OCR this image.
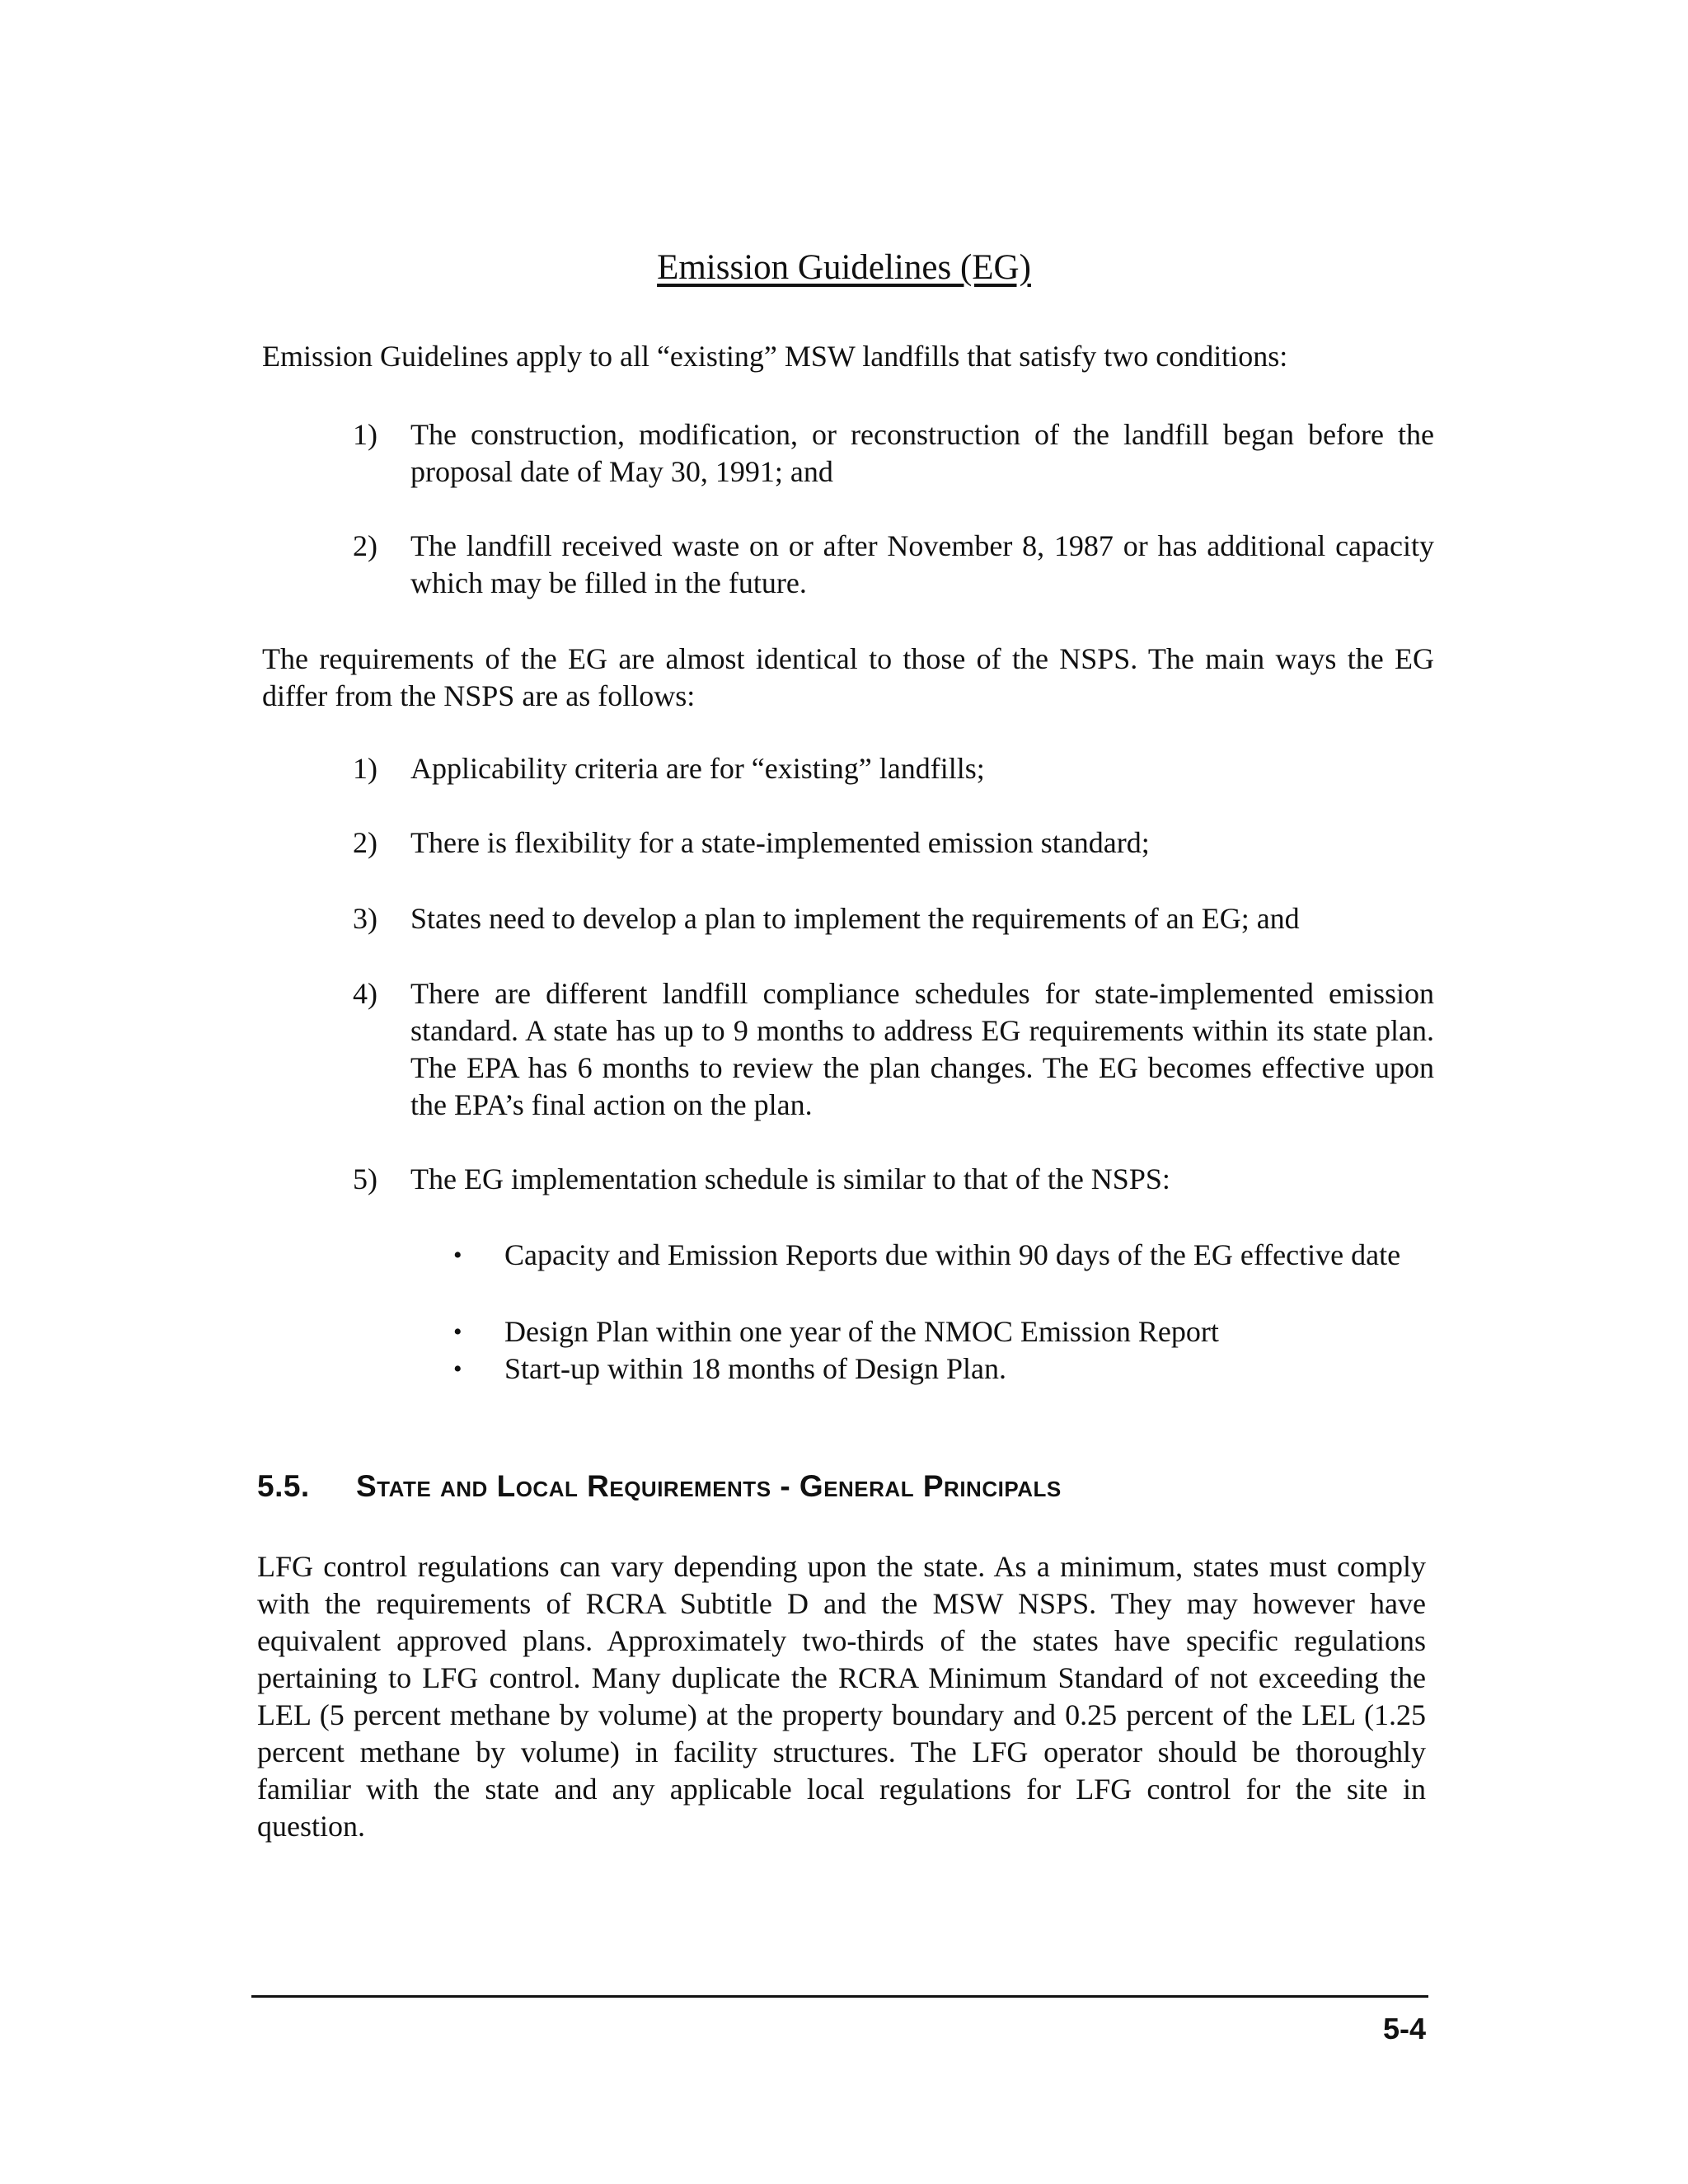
Emission Guidelines (EG)
Emission Guidelines apply to all “existing” MSW landfills that satisfy two conditions:
1)	The construction, modification, or reconstruction of the landfill began before the proposal date of May 30, 1991; and
2)	The landfill received waste on or after November 8, 1987 or has additional capacity which may be filled in the future.
The requirements of the EG are almost identical to those of the NSPS. The main ways the EG differ from the NSPS are as follows:
1)	Applicability criteria are for “existing” landfills;
2)	There is flexibility for a state-implemented emission standard;
3)	States need to develop a plan to implement the requirements of an EG; and
4)	There are different landfill compliance schedules for state-implemented emission standard. A state has up to 9 months to address EG requirements within its state plan. The EPA has 6 months to review the plan changes. The EG becomes effective upon the EPA’s final action on the plan.
5)	The EG implementation schedule is similar to that of the NSPS:
•	Capacity and Emission Reports due within 90 days of the EG effective date
•	Design Plan within one year of the NMOC Emission Report
•	Start-up within 18 months of Design Plan.
5.5. State and Local Requirements - General Principals
LFG control regulations can vary depending upon the state. As a minimum, states must comply with the requirements of RCRA Subtitle D and the MSW NSPS. They may however have equivalent approved plans. Approximately two-thirds of the states have specific regulations pertaining to LFG control. Many duplicate the RCRA Minimum Standard of not exceeding the LEL (5 percent methane by volume) at the property boundary and 0.25 percent of the LEL (1.25 percent methane by volume) in facility structures. The LFG operator should be thoroughly familiar with the state and any applicable local regulations for LFG control for the site in question.
5-4
